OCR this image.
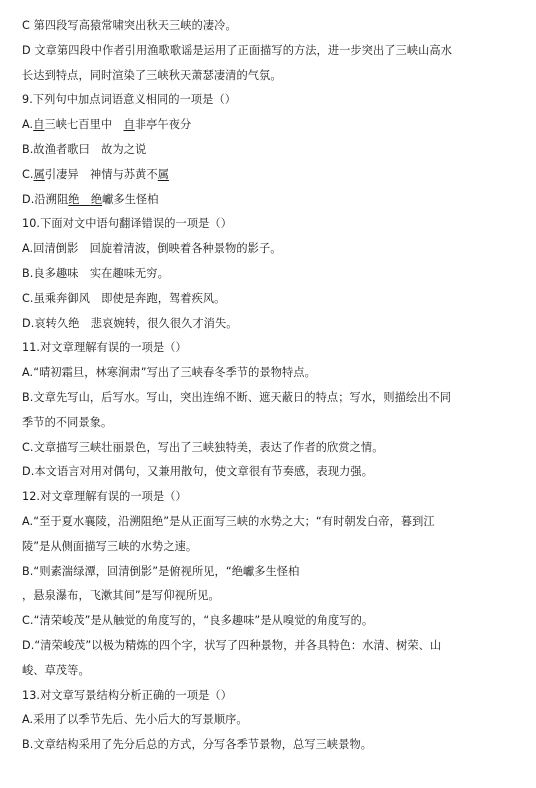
C 第四段写高猿常啸突出秋天三峡的凄冷。
D 文章第四段中作者引用渔歌歌谣是运用了正面描写的方法，进一步突出了三峡山高水
长达到特点，同时渲染了三峡秋天萧瑟凄清的气氛。
9.下列句中加点词语意义相同的一项是（）
A.自三峡七百里中　自非亭午夜分
B.故渔者歌曰　故为之说
C.属引凄异　神情与苏黄不属
D.沿溯阻绝　 绝巘多生怪柏
10.下面对文中语句翻译错误的一项是（）
A.回清倒影　回旋着清波，倒映着各种景物的影子。
B.良多趣味　实在趣味无穷。
C.虽乘奔御风　即使是奔跑，驾着疾风。
D.哀转久绝　悲哀婉转，很久很久才消失。
11.对文章理解有误的一项是（）
A.“晴初霜旦，林寒涧肃”写出了三峡春冬季节的景物特点。
B.文章先写山，后写水。写山，突出连绵不断、遮天蔽日的特点；写水，则描绘出不同
季节的不同景象。
C.文章描写三峡壮丽景色，写出了三峡独特美，表达了作者的欣赏之情。
D.本文语言对用对偶句，又兼用散句，使文章很有节奏感，表现力强。
12.对文章理解有误的一项是（）
A.“至于夏水襄陵，沿溯阻绝”是从正面写三峡的水势之大；“有时朝发白帝，暮到江
陵”是从侧面描写三峡的水势之速。
B.“则素湍绿潭，回清倒影”是俯视所见，“绝巘多生怪柏
，悬泉瀑布，飞漱其间”是写仰视所见。
C.“清荣峻茂”是从触觉的角度写的，“良多趣味”是从嗅觉的角度写的。
D.“清荣峻茂”以极为精炼的四个字，状写了四种景物，并各具特色：水清、树荣、山
峻、草茂等。
13.对文章写景结构分析正确的一项是（）
A.采用了以季节先后、先小后大的写景顺序。
B.文章结构采用了先分后总的方式，分写各季节景物，总写三峡景物。
